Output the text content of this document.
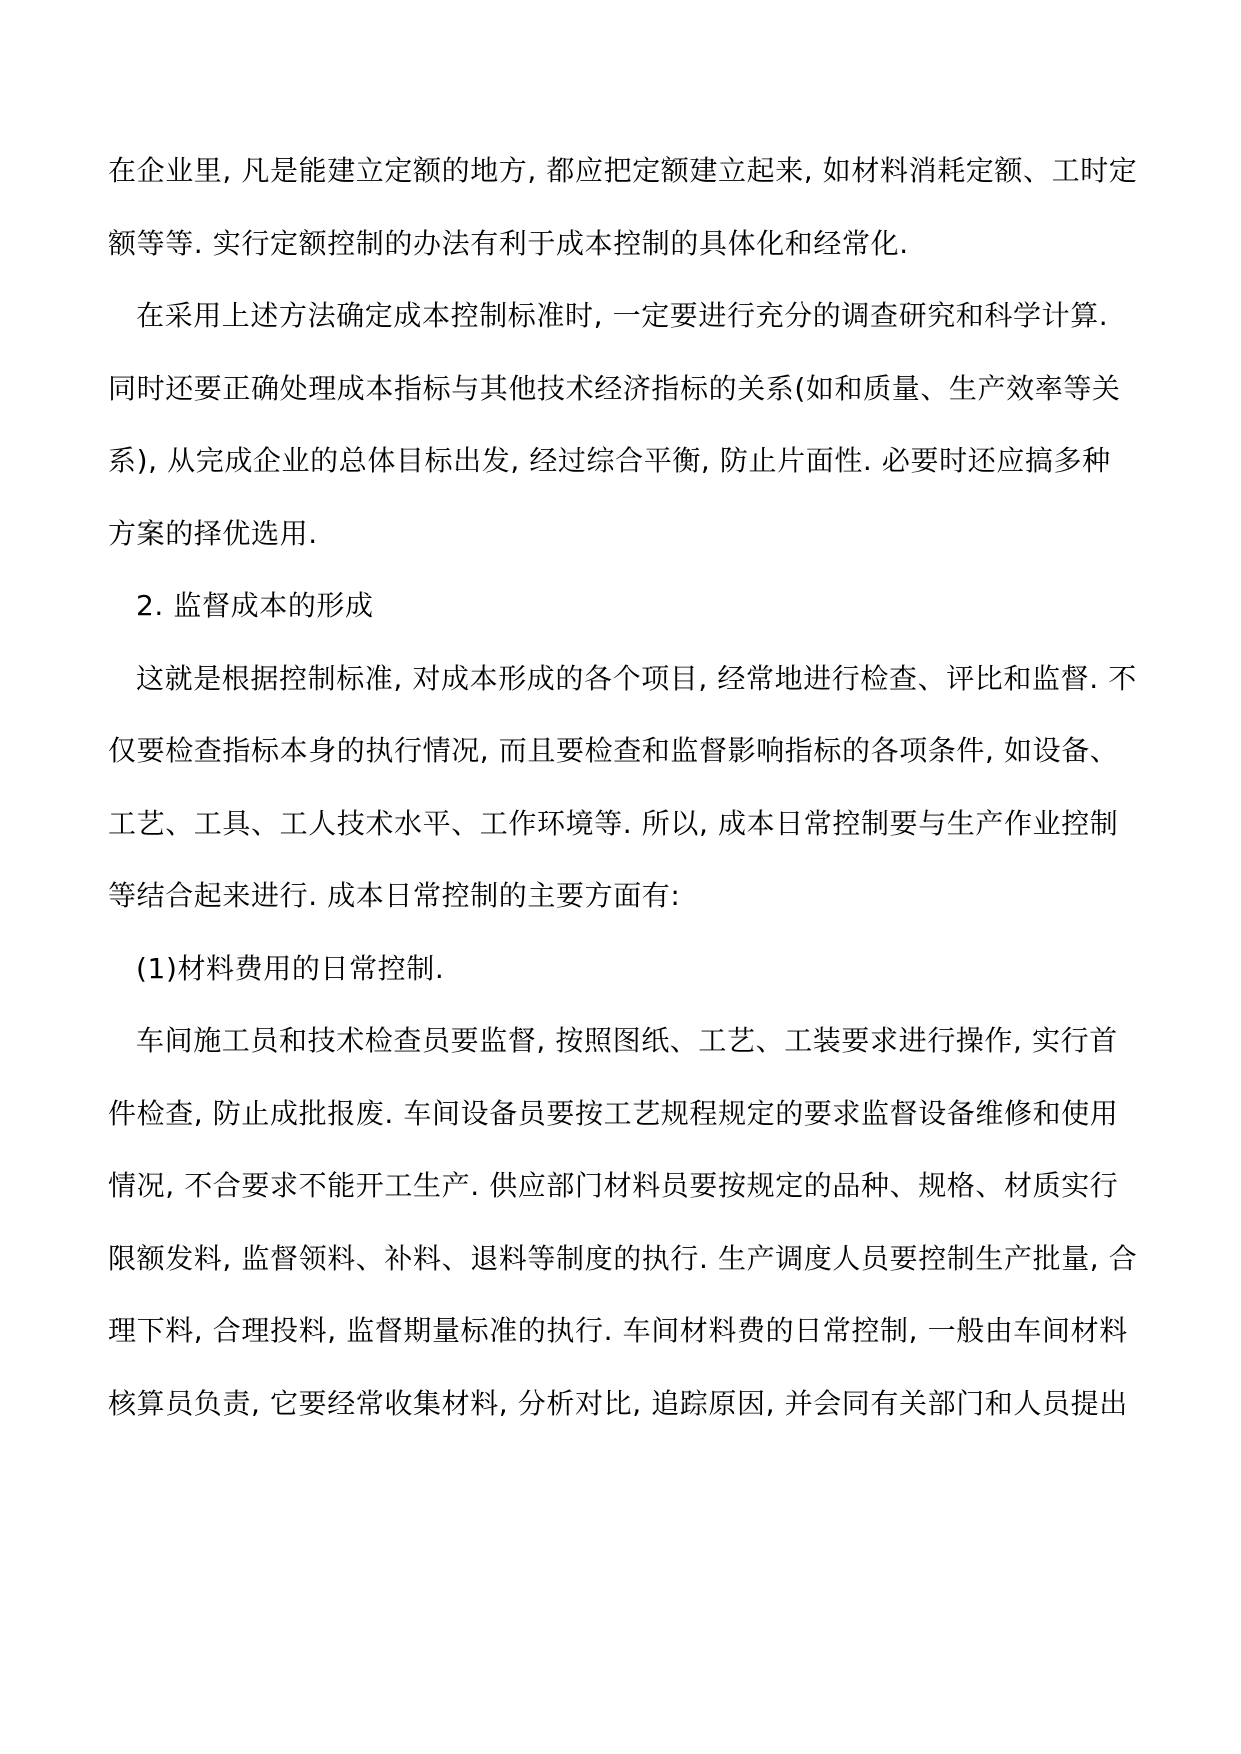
在企业里, 凡是能建立定额的地方, 都应把定额建立起来, 如材料消耗定额、工时定
额等等. 实行定额控制的办法有利于成本控制的具体化和经常化.
在采用上述方法确定成本控制标准时, 一定要进行充分的调查研究和科学计算.
同时还要正确处理成本指标与其他技术经济指标的关系(如和质量、生产效率等关
系), 从完成企业的总体目标出发, 经过综合平衡, 防止片面性. 必要时还应搞多种
方案的择优选用.
2. 监督成本的形成
这就是根据控制标准, 对成本形成的各个项目, 经常地进行检查、评比和监督. 不
仅要检查指标本身的执行情况, 而且要检查和监督影响指标的各项条件, 如设备、
工艺、工具、工人技术水平、工作环境等. 所以, 成本日常控制要与生产作业控制
等结合起来进行. 成本日常控制的主要方面有:
(1)材料费用的日常控制.
车间施工员和技术检查员要监督, 按照图纸、工艺、工装要求进行操作, 实行首
件检查, 防止成批报废. 车间设备员要按工艺规程规定的要求监督设备维修和使用
情况, 不合要求不能开工生产. 供应部门材料员要按规定的品种、规格、材质实行
限额发料, 监督领料、补料、退料等制度的执行. 生产调度人员要控制生产批量, 合
理下料, 合理投料, 监督期量标准的执行. 车间材料费的日常控制, 一般由车间材料
核算员负责, 它要经常收集材料, 分析对比, 追踪原因, 并会同有关部门和人员提出
